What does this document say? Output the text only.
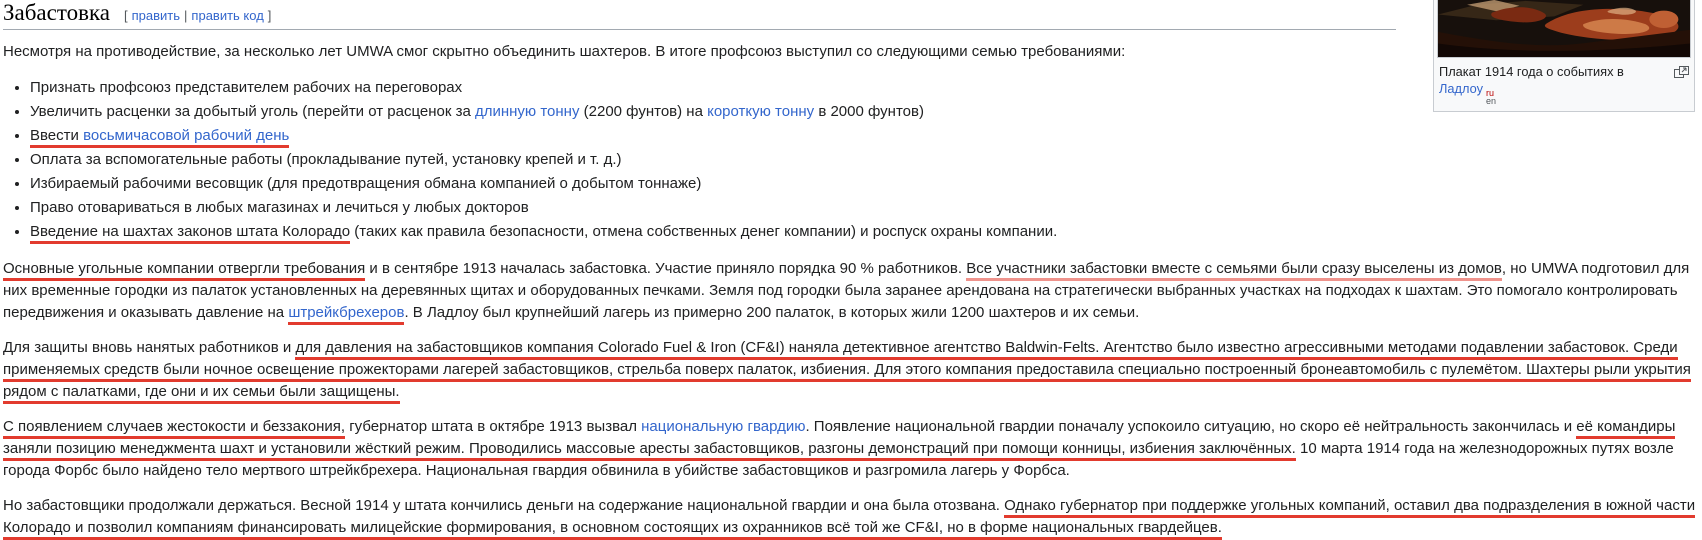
Забастовка [ править | править код ]

Несмотря на противодействие, за несколько лет UMWA смог скрытно объединить шахтеров. В итоге профсоюз выступил со следующими семью требованиями:

• Признать профсоюз представителем рабочих на переговорах
• Увеличить расценки за добытый уголь (перейти от расценок за длинную тонну (2200 фунтов) на короткую тонну в 2000 фунтов)
• Ввести восьмичасовой рабочий день
• Оплата за вспомогательные работы (прокладывание путей, установку крепей и т. д.)
• Избираемый рабочими весовщик (для предотвращения обмана компанией о добытом тоннаже)
• Право отовариваться в любых магазинах и лечиться у любых докторов
• Введение на шахтах законов штата Колорадо (таких как правила безопасности, отмена собственных денег компании) и роспуск охраны компании.

Основные угольные компании отвергли требования и в сентябре 1913 началась забастовка. Участие приняло порядка 90 % работников. Все участники забастовки вместе с семьями были сразу выселены из домов, но UMWA подготовил для них временные городки из палаток установленных на деревянных щитах и оборудованных печками. Земля под городки была заранее арендована на стратегически выбранных участках на подходах к шахтам. Это помогало контролировать передвижения и оказывать давление на штрейкбрехеров. В Ладлоу был крупнейший лагерь из примерно 200 палаток, в которых жили 1200 шахтеров и их семьи.

Для защиты вновь нанятых работников и для давления на забастовщиков компания Colorado Fuel & Iron (CF&I) наняла детективное агентство Baldwin-Felts. Агентство было известно агрессивными методами подавлении забастовок. Среди применяемых средств были ночное освещение прожекторами лагерей забастовщиков, стрельба поверх палаток, избиения. Для этого компания предоставила специально построенный бронеавтомобиль с пулемётом. Шахтеры рыли укрытия рядом с палатками, где они и их семьи были защищены.

С появлением случаев жестокости и беззакония, губернатор штата в октябре 1913 вызвал национальную гвардию. Появление национальной гвардии поначалу успокоило ситуацию, но скоро её нейтральность закончилась и её командиры заняли позицию менеджмента шахт и установили жёсткий режим. Проводились массовые аресты забастовщиков, разгоны демонстраций при помощи конницы, избиения заключённых. 10 марта 1914 года на железнодорожных путях возле города Форбс было найдено тело мертвого штрейкбрехера. Национальная гвардия обвинила в убийстве забастовщиков и разгромила лагерь у Форбса.

Но забастовщики продолжали держаться. Весной 1914 у штата кончились деньги на содержание национальной гвардии и она была отозвана. Однако губернатор при поддержке угольных компаний, оставил два подразделения в южной части Колорадо и позволил компаниям финансировать милицейские формирования, в основном состоящих из охранников всё той же CF&I, но в форме национальных гвардейцев.

Плакат 1914 года о событиях в Ладлоу ru
en
